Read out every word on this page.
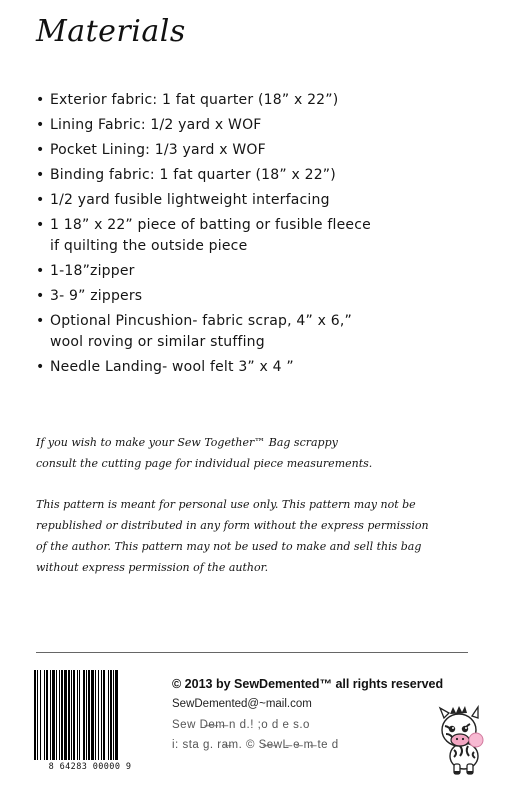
Materials
• Exterior fabric: 1 fat quarter (18” x 22”)
• Lining Fabric: 1/2 yard x WOF
• Pocket Lining: 1/3 yard x WOF
• Binding fabric: 1 fat quarter (18” x 22”)
• 1/2 yard fusible lightweight interfacing
• 1 18” x 22” piece of batting or fusible fleece
if quilting the outside piece
• 1-18”zipper
• 3- 9” zippers
• Optional Pincushion- fabric scrap, 4” x 6,”
wool roving or similar stuffing
• Needle Landing- wool felt 3” x 4 ”
If you wish to make your Sew Together™ Bag scrappy
consult the cutting page for individual piece measurements.
This pattern is meant for personal use only. This pattern may not be
republished or distributed in any form without the express permission
of the author. This pattern may not be used to make and sell this bag
without express permission of the author.
8 64283 00000 9
© 2013 by SewDemented™ all rights reserved
SewDemented@~mail.com
Sew D̶e̶m̶ n d.! ;o d e s.o
i: sta g. ra̶m. © S̶e̶wL̶ e̶ m̶ te d
